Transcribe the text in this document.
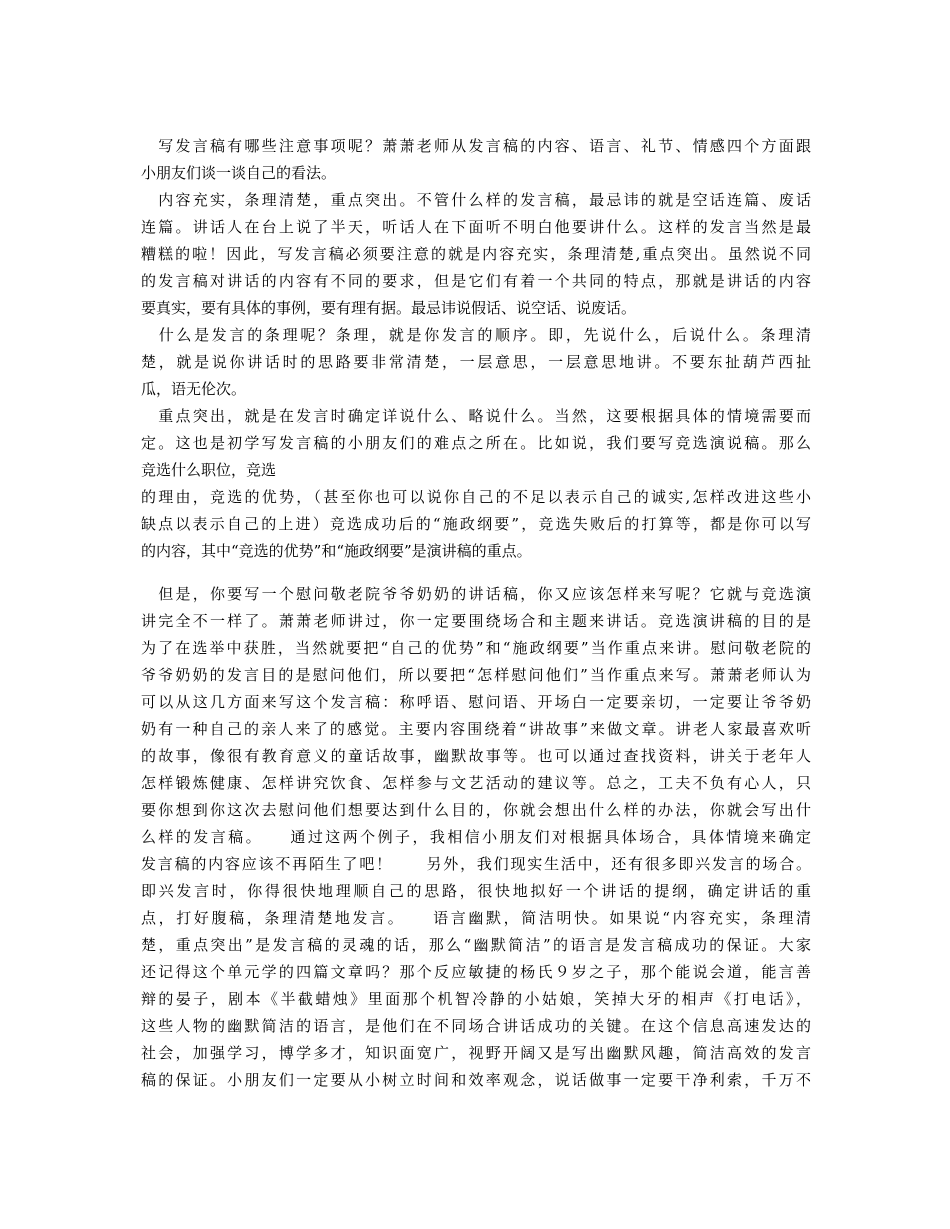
　写发言稿有哪些注意事项呢？萧萧老师从发言稿的内容、语言、礼节、情感四个方面跟
小朋友们谈一谈自己的看法。
　内容充实，条理清楚，重点突出。不管什么样的发言稿，最忌讳的就是空话连篇、废话
连篇。讲话人在台上说了半天，听话人在下面听不明白他要讲什么。这样的发言当然是最
糟糕的啦！因此，写发言稿必须要注意的就是内容充实，条理清楚,重点突出。虽然说不同
的发言稿对讲话的内容有不同的要求，但是它们有着一个共同的特点，那就是讲话的内容
要真实，要有具体的事例，要有理有据。最忌讳说假话、说空话、说废话。
　什么是发言的条理呢？条理，就是你发言的顺序。即，先说什么，后说什么。条理清
楚，就是说你讲话时的思路要非常清楚，一层意思，一层意思地讲。不要东扯葫芦西扯
瓜，语无伦次。
　重点突出，就是在发言时确定详说什么、略说什么。当然，这要根据具体的情境需要而
定。这也是初学写发言稿的小朋友们的难点之所在。比如说，我们要写竞选演说稿。那么
竞选什么职位，竞选
的理由，竞选的优势，（甚至你也可以说你自己的不足以表示自己的诚实,怎样改进这些小
缺点以表示自己的上进）竞选成功后的“施政纲要”，竞选失败后的打算等，都是你可以写
的内容，其中“竞选的优势”和“施政纲要”是演讲稿的重点。
　但是，你要写一个慰问敬老院爷爷奶奶的讲话稿，你又应该怎样来写呢？它就与竞选演
讲完全不一样了。萧萧老师讲过，你一定要围绕场合和主题来讲话。竞选演讲稿的目的是
为了在选举中获胜，当然就要把“自己的优势”和“施政纲要”当作重点来讲。慰问敬老院的
爷爷奶奶的发言目的是慰问他们，所以要把“怎样慰问他们”当作重点来写。萧萧老师认为
可以从这几方面来写这个发言稿：称呼语、慰问语、开场白一定要亲切，一定要让爷爷奶
奶有一种自己的亲人来了的感觉。主要内容围绕着“讲故事”来做文章。讲老人家最喜欢听
的故事，像很有教育意义的童话故事，幽默故事等。也可以通过查找资料，讲关于老年人
怎样锻炼健康、怎样讲究饮食、怎样参与文艺活动的建议等。总之，工夫不负有心人，只
要你想到你这次去慰问他们想要达到什么目的，你就会想出什么样的办法，你就会写出什
么样的发言稿。　　通过这两个例子，我相信小朋友们对根据具体场合，具体情境来确定
发言稿的内容应该不再陌生了吧！　　另外，我们现实生活中，还有很多即兴发言的场合。
即兴发言时，你得很快地理顺自己的思路，很快地拟好一个讲话的提纲，确定讲话的重
点，打好腹稿，条理清楚地发言。　　语言幽默，简洁明快。如果说“内容充实，条理清
楚，重点突出”是发言稿的灵魂的话，那么“幽默简洁”的语言是发言稿成功的保证。大家
还记得这个单元学的四篇文章吗？那个反应敏捷的杨氏９岁之子，那个能说会道，能言善
辩的晏子，剧本《半截蜡烛》里面那个机智冷静的小姑娘，笑掉大牙的相声《打电话》，
这些人物的幽默简洁的语言，是他们在不同场合讲话成功的关键。在这个信息高速发达的
社会，加强学习，博学多才，知识面宽广，视野开阔又是写出幽默风趣，简洁高效的发言
稿的保证。小朋友们一定要从小树立时间和效率观念，说话做事一定要干净利索，千万不
